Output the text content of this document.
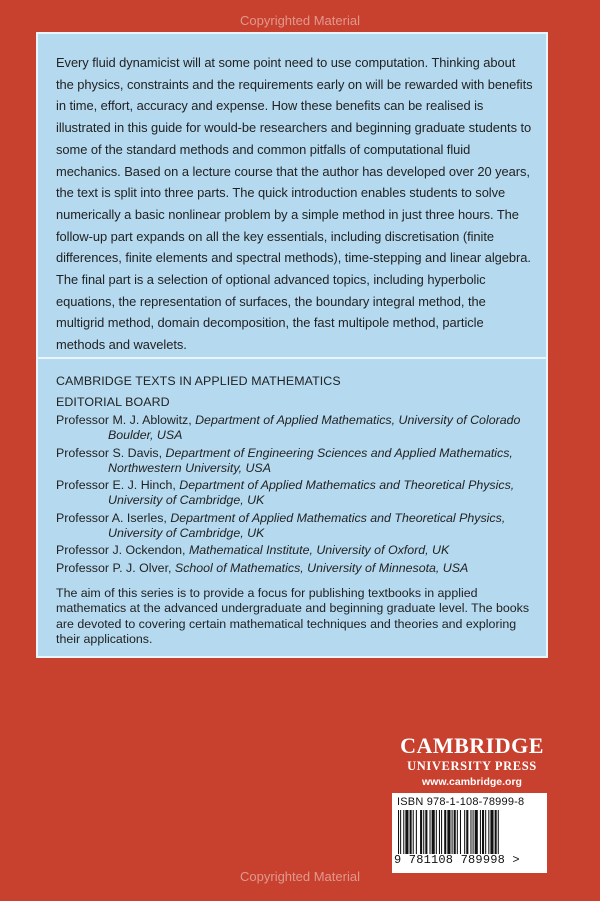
Copyrighted Material
Every fluid dynamicist will at some point need to use computation. Thinking about the physics, constraints and the requirements early on will be rewarded with benefits in time, effort, accuracy and expense. How these benefits can be realised is illustrated in this guide for would-be researchers and beginning graduate students to some of the standard methods and common pitfalls of computational fluid mechanics. Based on a lecture course that the author has developed over 20 years, the text is split into three parts. The quick introduction enables students to solve numerically a basic nonlinear problem by a simple method in just three hours. The follow-up part expands on all the key essentials, including discretisation (finite differences, finite elements and spectral methods), time-stepping and linear algebra. The final part is a selection of optional advanced topics, including hyperbolic equations, the representation of surfaces, the boundary integral method, the multigrid method, domain decomposition, the fast multipole method, particle methods and wavelets.
CAMBRIDGE TEXTS IN APPLIED MATHEMATICS
EDITORIAL BOARD
Professor M. J. Ablowitz, Department of Applied Mathematics, University of Colorado Boulder, USA
Professor S. Davis, Department of Engineering Sciences and Applied Mathematics, Northwestern University, USA
Professor E. J. Hinch, Department of Applied Mathematics and Theoretical Physics, University of Cambridge, UK
Professor A. Iserles, Department of Applied Mathematics and Theoretical Physics, University of Cambridge, UK
Professor J. Ockendon, Mathematical Institute, University of Oxford, UK
Professor P. J. Olver, School of Mathematics, University of Minnesota, USA
The aim of this series is to provide a focus for publishing textbooks in applied mathematics at the advanced undergraduate and beginning graduate level. The books are devoted to covering certain mathematical techniques and theories and exploring their applications.
CAMBRIDGE
UNIVERSITY PRESS
www.cambridge.org
ISBN 978-1-108-78999-8
9 781108 789998 >
Copyrighted Material
